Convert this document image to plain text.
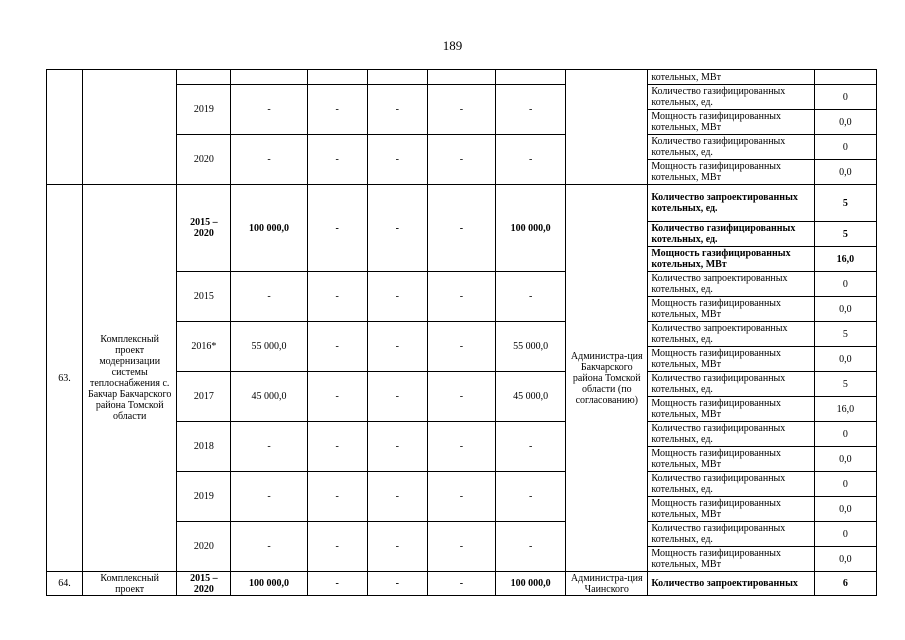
189
									котельных, МВт	
		2019	-	-	-	-	-		Количество газифицированных котельных, ед.	0
									Мощность газифицированных котельных, МВт	0,0
		2020	-	-	-	-	-		Количество газифицированных котельных, ед.	0
									Мощность газифицированных котельных, МВт	0,0
63.	Комплексный проект модернизации системы теплоснабжения с. Бакчар Бакчарского района Томской области	2015 – 2020	100 000,0	-	-	-	100 000,0	Администра-ция Бакчарского района Томской области (по согласованию)	Количество запроектированных котельных, ед.	5
									Количество газифицированных котельных, ед.	5
									Мощность газифицированных котельных, МВт	16,0
		2015	-	-	-	-	-		Количество запроектированных котельных, ед.	0
									Мощность газифицированных котельных, МВт	0,0
		2016*	55 000,0	-	-	-	55 000,0		Количество запроектированных котельных, ед.	5
									Мощность газифицированных котельных, МВт	0,0
		2017	45 000,0	-	-	-	45 000,0		Количество газифицированных котельных, ед.	5
									Мощность газифицированных котельных, МВт	16,0
		2018	-	-	-	-	-		Количество газифицированных котельных, ед.	0
									Мощность газифицированных котельных, МВт	0,0
		2019	-	-	-	-	-		Количество газифицированных котельных, ед.	0
									Мощность газифицированных котельных, МВт	0,0
		2020	-	-	-	-	-		Количество газифицированных котельных, ед.	0
									Мощность газифицированных котельных, МВт	0,0
64.	Комплексный проект	2015 – 2020	100 000,0	-	-	-	100 000,0	Администра-ция Чаинского	Количество запроектированных	6
